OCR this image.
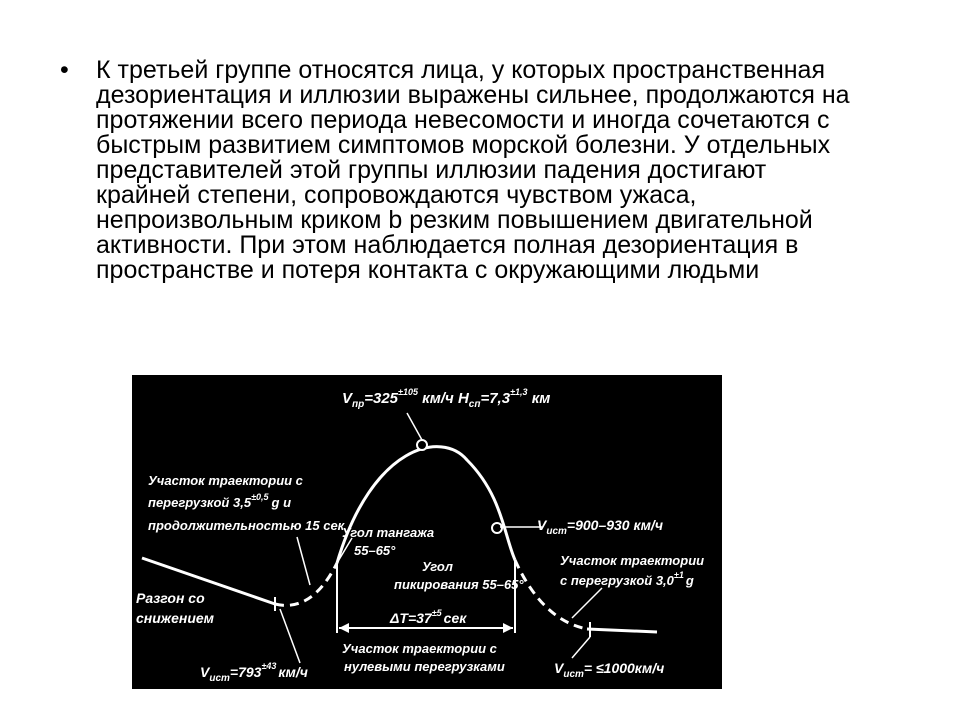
• К третьей группе относятся лица, у которых пространственная
дезориентация и иллюзии выражены сильнее, продолжаются на
протяжении всего периода невесомости и иногда сочетаются с
быстрым развитием симптомов морской болезни. У отдельных
представителей этой группы иллюзии падения достигают
крайней степени, сопровождаются чувством ужаса,
непроизвольным криком b резким повышением двигательной
активности. При этом наблюдается полная дезориентация в
пространстве и потеря контакта с окружающими людьми
$V_{пр}=325^{\pm 105}$ км/ч $H_{сп}=7,3^{\pm 1,3}$ км
Участок траектории с перегрузкой $3,5^{\pm 0,5}$ g и продолжительностью 15 сек
Угол тангажа 55–65°
Угол пикирования 55–65°
$V_{ист}=900-930$ км/ч
Участок траектории с перегрузкой $3,0^{\pm 1}$ g
Разгон со снижением	$\Delta T=37^{\pm 5}$ сек
Участок траектории с нулевыми перегрузками
$V_{ист}=793^{\pm 43}$ км/ч	$V_{ист}= \le 1000км/ч$
